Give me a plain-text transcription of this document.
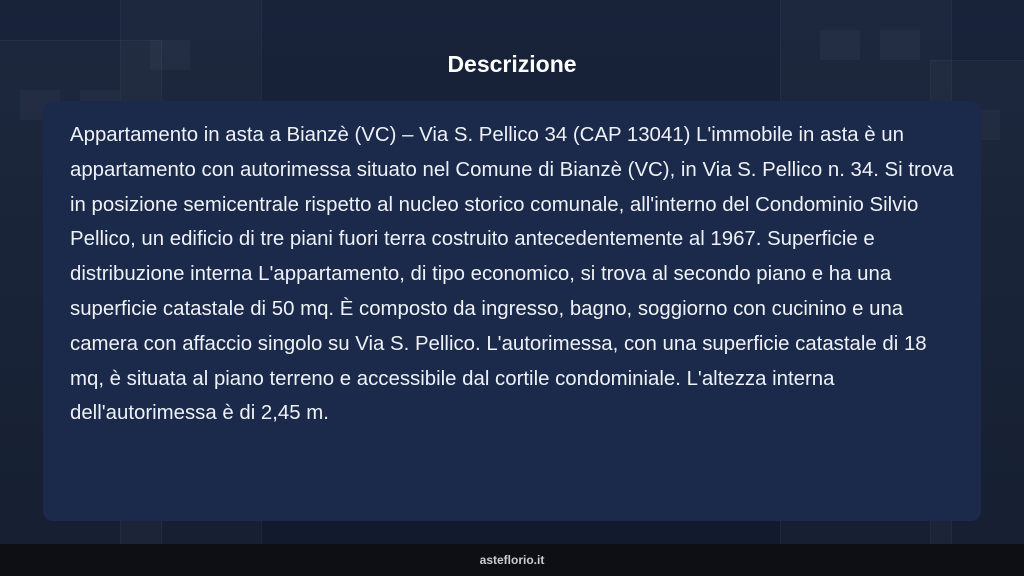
Descrizione

Appartamento in asta a Bianzè (VC) – Via S. Pellico 34 (CAP 13041) L'immobile in asta è un appartamento con autorimessa situato nel Comune di Bianzè (VC), in Via S. Pellico n. 34. Si trova in posizione semicentrale rispetto al nucleo storico comunale, all'interno del Condominio Silvio Pellico, un edificio di tre piani fuori terra costruito antecedentemente al 1967. Superficie e distribuzione interna L'appartamento, di tipo economico, si trova al secondo piano e ha una superficie catastale di 50 mq. È composto da ingresso, bagno, soggiorno con cucinino e una camera con affaccio singolo su Via S. Pellico. L'autorimessa, con una superficie catastale di 18 mq, è situata al piano terreno e accessibile dal cortile condominiale. L'altezza interna dell'autorimessa è di 2,45 m.

asteflorio.it
